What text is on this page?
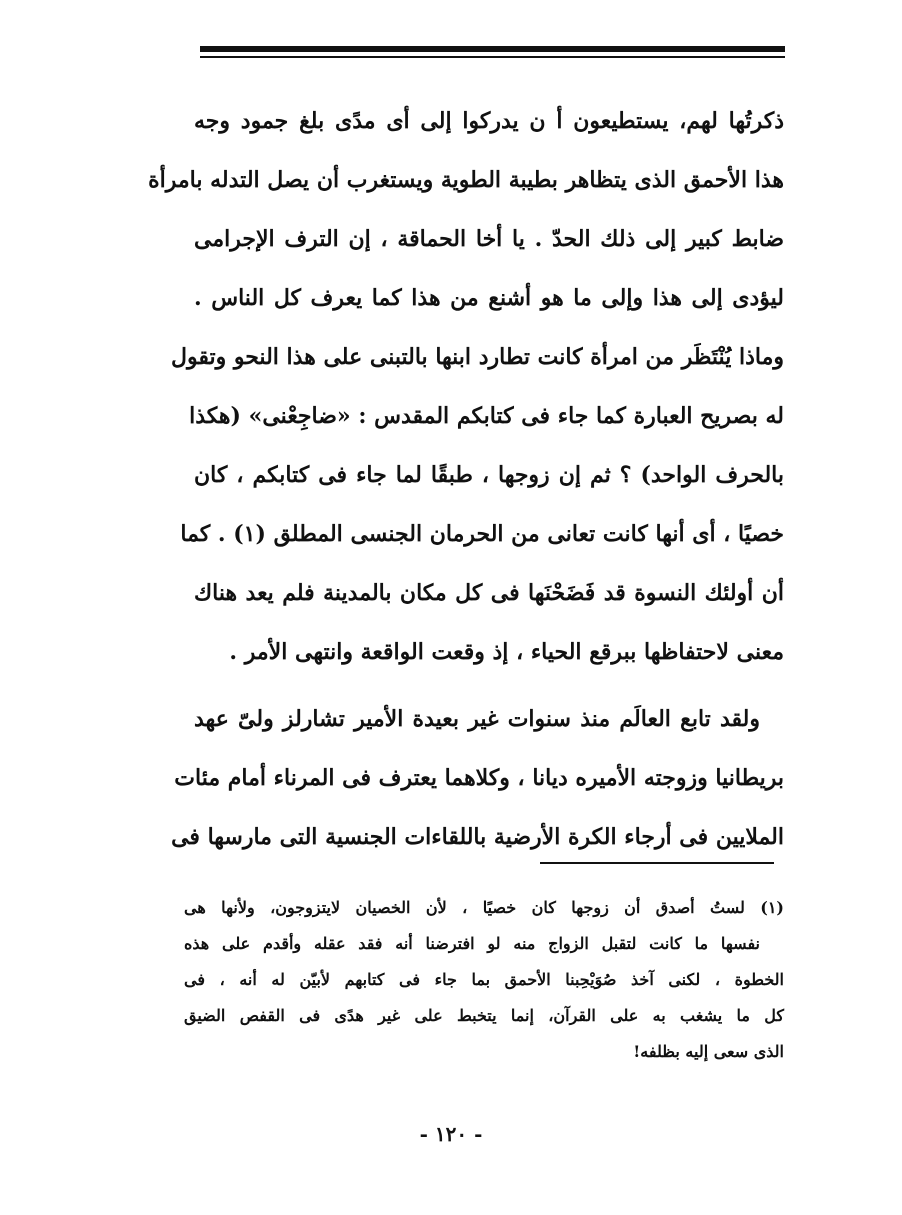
ذكرتُها لهم، يستطيعون أ ن يدركوا إلى أى مدًى بلغ جمود وجه
هذا الأحمق الذى يتظاهر بطيبة الطوية ويستغرب أن يصل التدله بامرأة
ضابط كبير إلى ذلك الحدّ . يا أخا الحماقة ، إن الترف الإجرامى
ليؤدى إلى هذا وإلى ما هو أشنع من هذا كما يعرف كل الناس .
وماذا يُنْتَظَر من امرأة كانت تطارد ابنها بالتبنى على هذا النحو وتقول
له بصريح العبارة كما جاء فى كتابكم المقدس : «ضاجِعْنى» (هكذا
بالحرف الواحد) ؟ ثم إن زوجها ، طبقًا لما جاء فى كتابكم ، كان
خصيًا ، أى أنها كانت تعانى من الحرمان الجنسى المطلق (١) . كما
أن أولئك النسوة قد فَضَحْنَها فى كل مكان بالمدينة فلم يعد هناك
معنى لاحتفاظها ببرقع الحياء ، إذ وقعت الواقعة وانتهى الأمر .
ولقد تابع العالَم منذ سنوات غير بعيدة الأمير تشارلز ولىّ عهد
بريطانيا وزوجته الأميره ديانا ، وكلاهما يعترف فى المرناء أمام مئات
الملايين فى أرجاء الكرة الأرضية باللقاءات الجنسية التى مارسها فى
(١) لستُ أصدق أن زوجها كان خصيًا ، لأن الخصيان لايتزوجون، ولأنها هى
نفسها ما كانت لتقبل الزواج منه لو افترضنا أنه فقد عقله وأقدم على هذه
الخطوة ، لكنى آخذ صُوَيْحِبنا الأحمق بما جاء فى كتابهم لأبيّن له أنه ، فى
كل ما يشغب به على القرآن، إنما يتخبط على غير هدًى فى القفص الضيق
الذى سعى إليه بظلفه!
- ١٢٠ -
